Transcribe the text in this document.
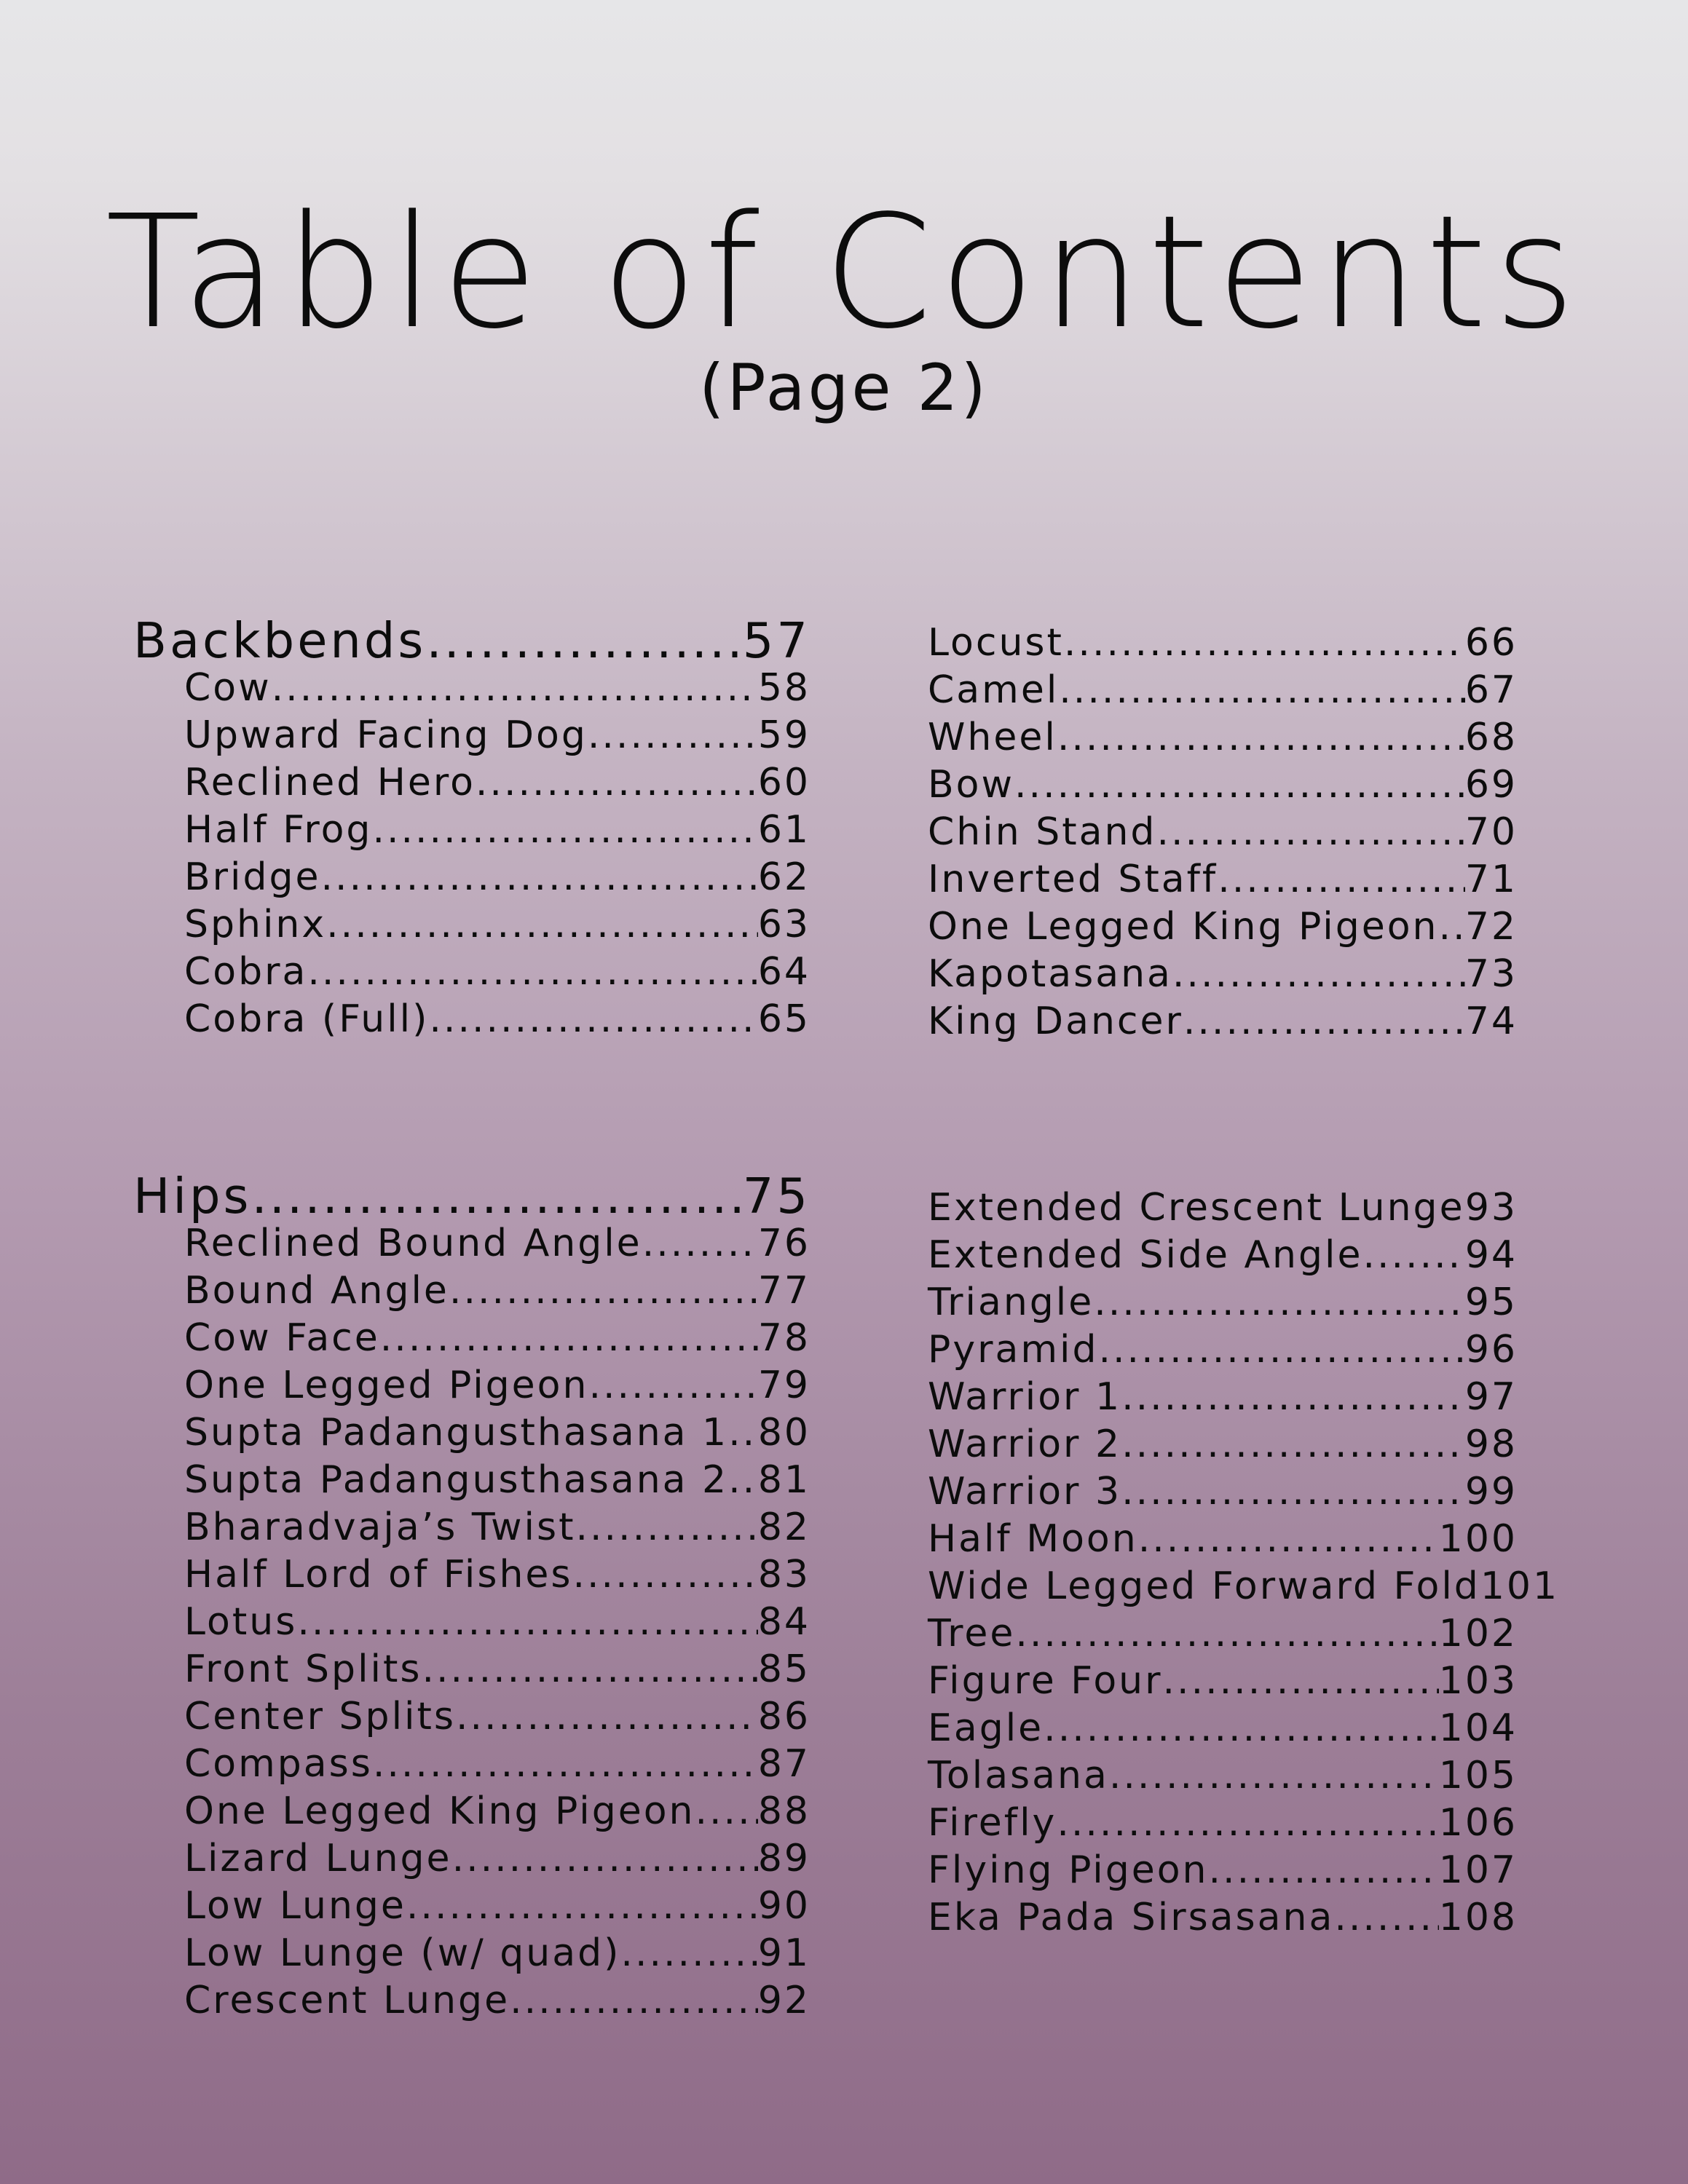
Table of Contents
(Page 2)
Backbends .....	57
Cow .....	58
Upward Facing Dog .....	59
Reclined Hero .....	60
Half Frog .....	61
Bridge .....	62
Sphinx .....	63
Cobra .....	64
Cobra (Full) .....	65
Locust .....	66
Camel .....	67
Wheel .....	68
Bow .....	69
Chin Stand .....	70
Inverted Staff .....	71
One Legged King Pigeon ..... 72
Kapotasana .....	73
King Dancer .....	74
Hips .....	75
Reclined Bound Angle .....	76
Bound Angle .....	77
Cow Face .....	78
One Legged Pigeon .....	79
Supta Padangusthasana 1 ..... 80
Supta Padangusthasana 2 ..... 81
Bharadvaja’s Twist .....	82
Half Lord of Fishes .....	83
Lotus .....	84
Front Splits .....	85
Center Splits .....	86
Compass .....	87
One Legged King Pigeon ..... 88
Lizard Lunge .....	89
Low Lunge .....	90
Low Lunge (w/ quad) .....	91
Crescent Lunge .....	92
Extended Crescent Lunge ..... 93
Extended Side Angle .....	94
Triangle .....	95
Pyramid .....	96
Warrior 1 .....	97
Warrior 2 .....	98
Warrior 3 .....	99
Half Moon .....	100
Wide Legged Forward Fold 101
Tree .....	102
Figure Four .....	103
Eagle .....	104
Tolasana .....	105
Firefly .....	106
Flying Pigeon .....	107
Eka Pada Sirsasana .....	108
